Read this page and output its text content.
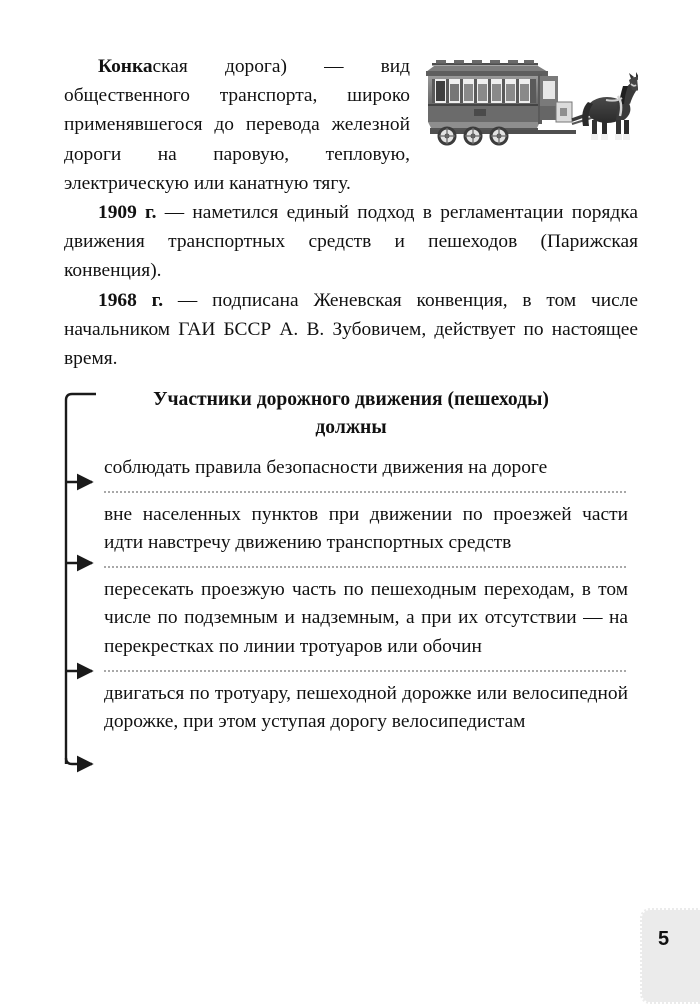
Конкаская дорога) — вид общественного транспорта, широко применявшегося до перевода железной дороги на паровую, тепловую, электрическую или канатную тягу.

1909 г. — наметился единый подход в регламентации порядка движения транспортных средств и пешеходов (Парижская конвенция).

1968 г. — подписана Женевская конвенция, в том числе начальником ГАИ БССР А. В. Зубовичем, действует по настоящее время.

Участники дорожного движения (пешеходы)
должны

соблюдать правила безопасности движения на дороге

вне населенных пунктов при движении по проезжей части идти навстречу движению транспортных средств

пересекать проезжую часть по пешеходным переходам, в том числе по подземным и надземным, а при их отсутствии — на перекрестках по линии тротуаров или обочин

двигаться по тротуару, пешеходной дорожке или велосипедной дорожке, при этом уступая дорогу велосипедистам

5
